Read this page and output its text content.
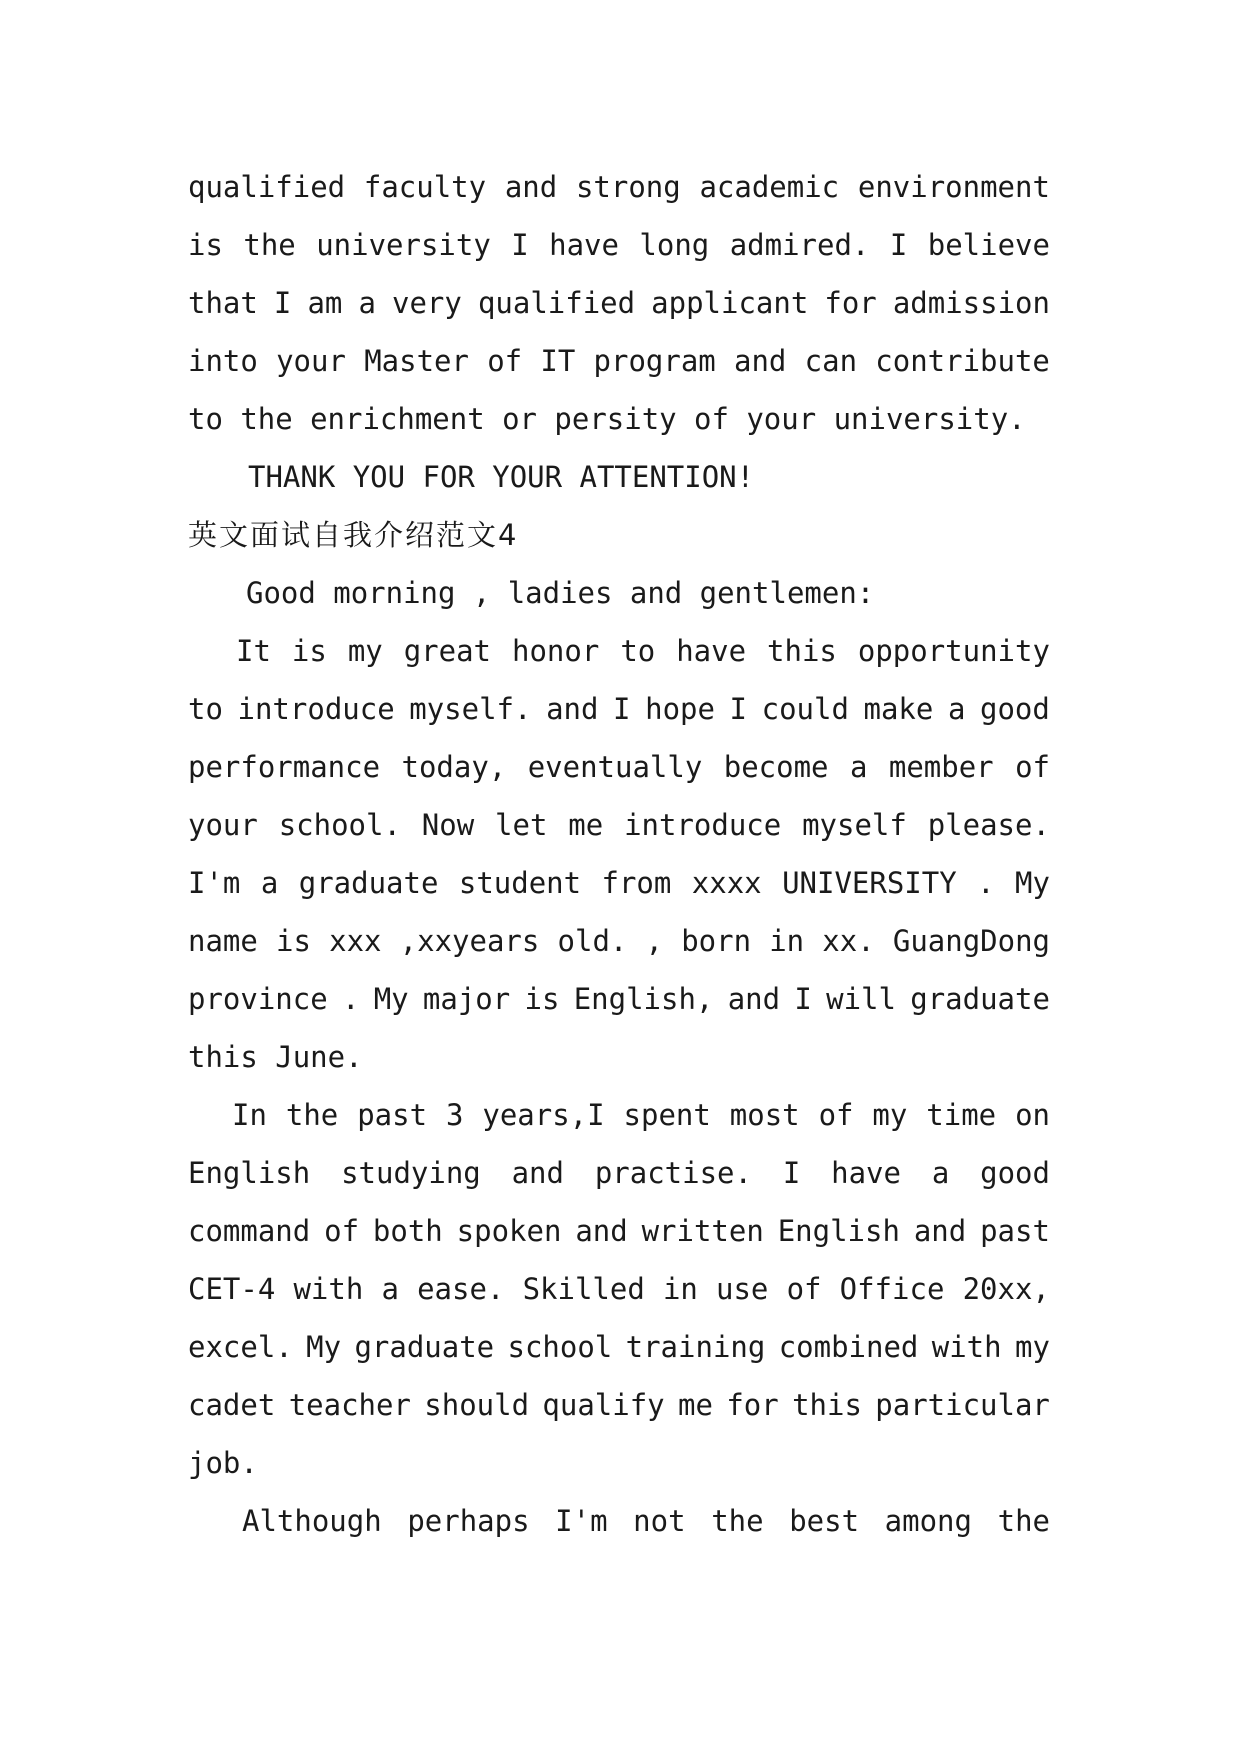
qualified faculty and strong academic environment
is the university I have long admired. I believe
that I am a very qualified applicant for admission
into your Master of IT program and can contribute
to the enrichment or persity of your university.
THANK YOU FOR YOUR ATTENTION!
英文面试自我介绍范文4
Good morning , ladies and gentlemen:
It is my great honor to have this opportunity
to introduce myself. and I hope I could make a good
performance today, eventually become a member of
your school. Now let me introduce myself please.
I'm a graduate student from xxxx UNIVERSITY . My
name is xxx ,xxyears old. , born in xx. GuangDong
province . My major is English, and I will graduate
this June.
In the past 3 years,I spent most of my time on
English studying and practise. I have a good
command of both spoken and written English and past
CET-4 with a ease. Skilled in use of Office 20xx,
excel. My graduate school training combined with my
cadet teacher should qualify me for this particular
job.
Although perhaps I'm not the best among the
